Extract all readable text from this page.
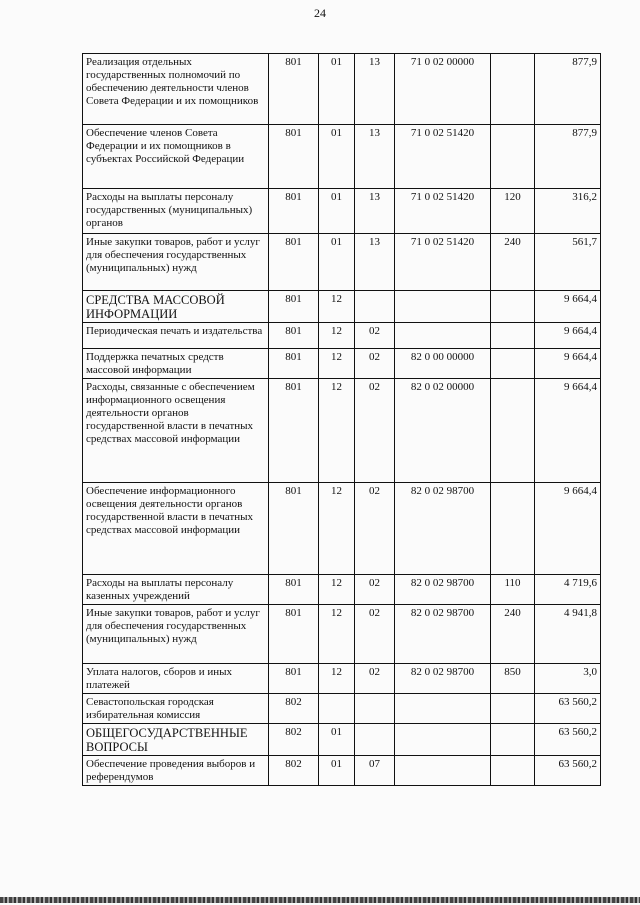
24
Реализация отдельных государственных полномочий по обеспечению деятельности членов Совета Федерации и их помощников	801	01	13	71 0 02 00000		877,9
Обеспечение членов Совета Федерации и их помощников в субъектах Российской Федерации	801	01	13	71 0 02 51420		877,9
Расходы на выплаты персоналу государственных (муниципальных) органов	801	01	13	71 0 02 51420	120	316,2
Иные закупки товаров, работ и услуг для обеспечения государственных (муниципальных) нужд	801	01	13	71 0 02 51420	240	561,7
СРЕДСТВА МАССОВОЙ ИНФОРМАЦИИ	801	12				9 664,4
Периодическая печать и издательства	801	12	02			9 664,4
Поддержка печатных средств массовой информации	801	12	02	82 0 00 00000		9 664,4
Расходы, связанные с обеспечением информационного освещения деятельности органов государственной власти в печатных средствах массовой информации	801	12	02	82 0 02 00000		9 664,4
Обеспечение информационного освещения деятельности органов государственной власти в печатных средствах массовой информации	801	12	02	82 0 02 98700		9 664,4
Расходы на выплаты персоналу казенных учреждений	801	12	02	82 0 02 98700	110	4 719,6
Иные закупки товаров, работ и услуг для обеспечения государственных (муниципальных) нужд	801	12	02	82 0 02 98700	240	4 941,8
Уплата налогов, сборов и иных платежей	801	12	02	82 0 02 98700	850	3,0
Севастопольская городская избирательная комиссия	802					63 560,2
ОБЩЕГОСУДАРСТВЕННЫЕ ВОПРОСЫ	802	01				63 560,2
Обеспечение проведения выборов и референдумов	802	01	07			63 560,2
